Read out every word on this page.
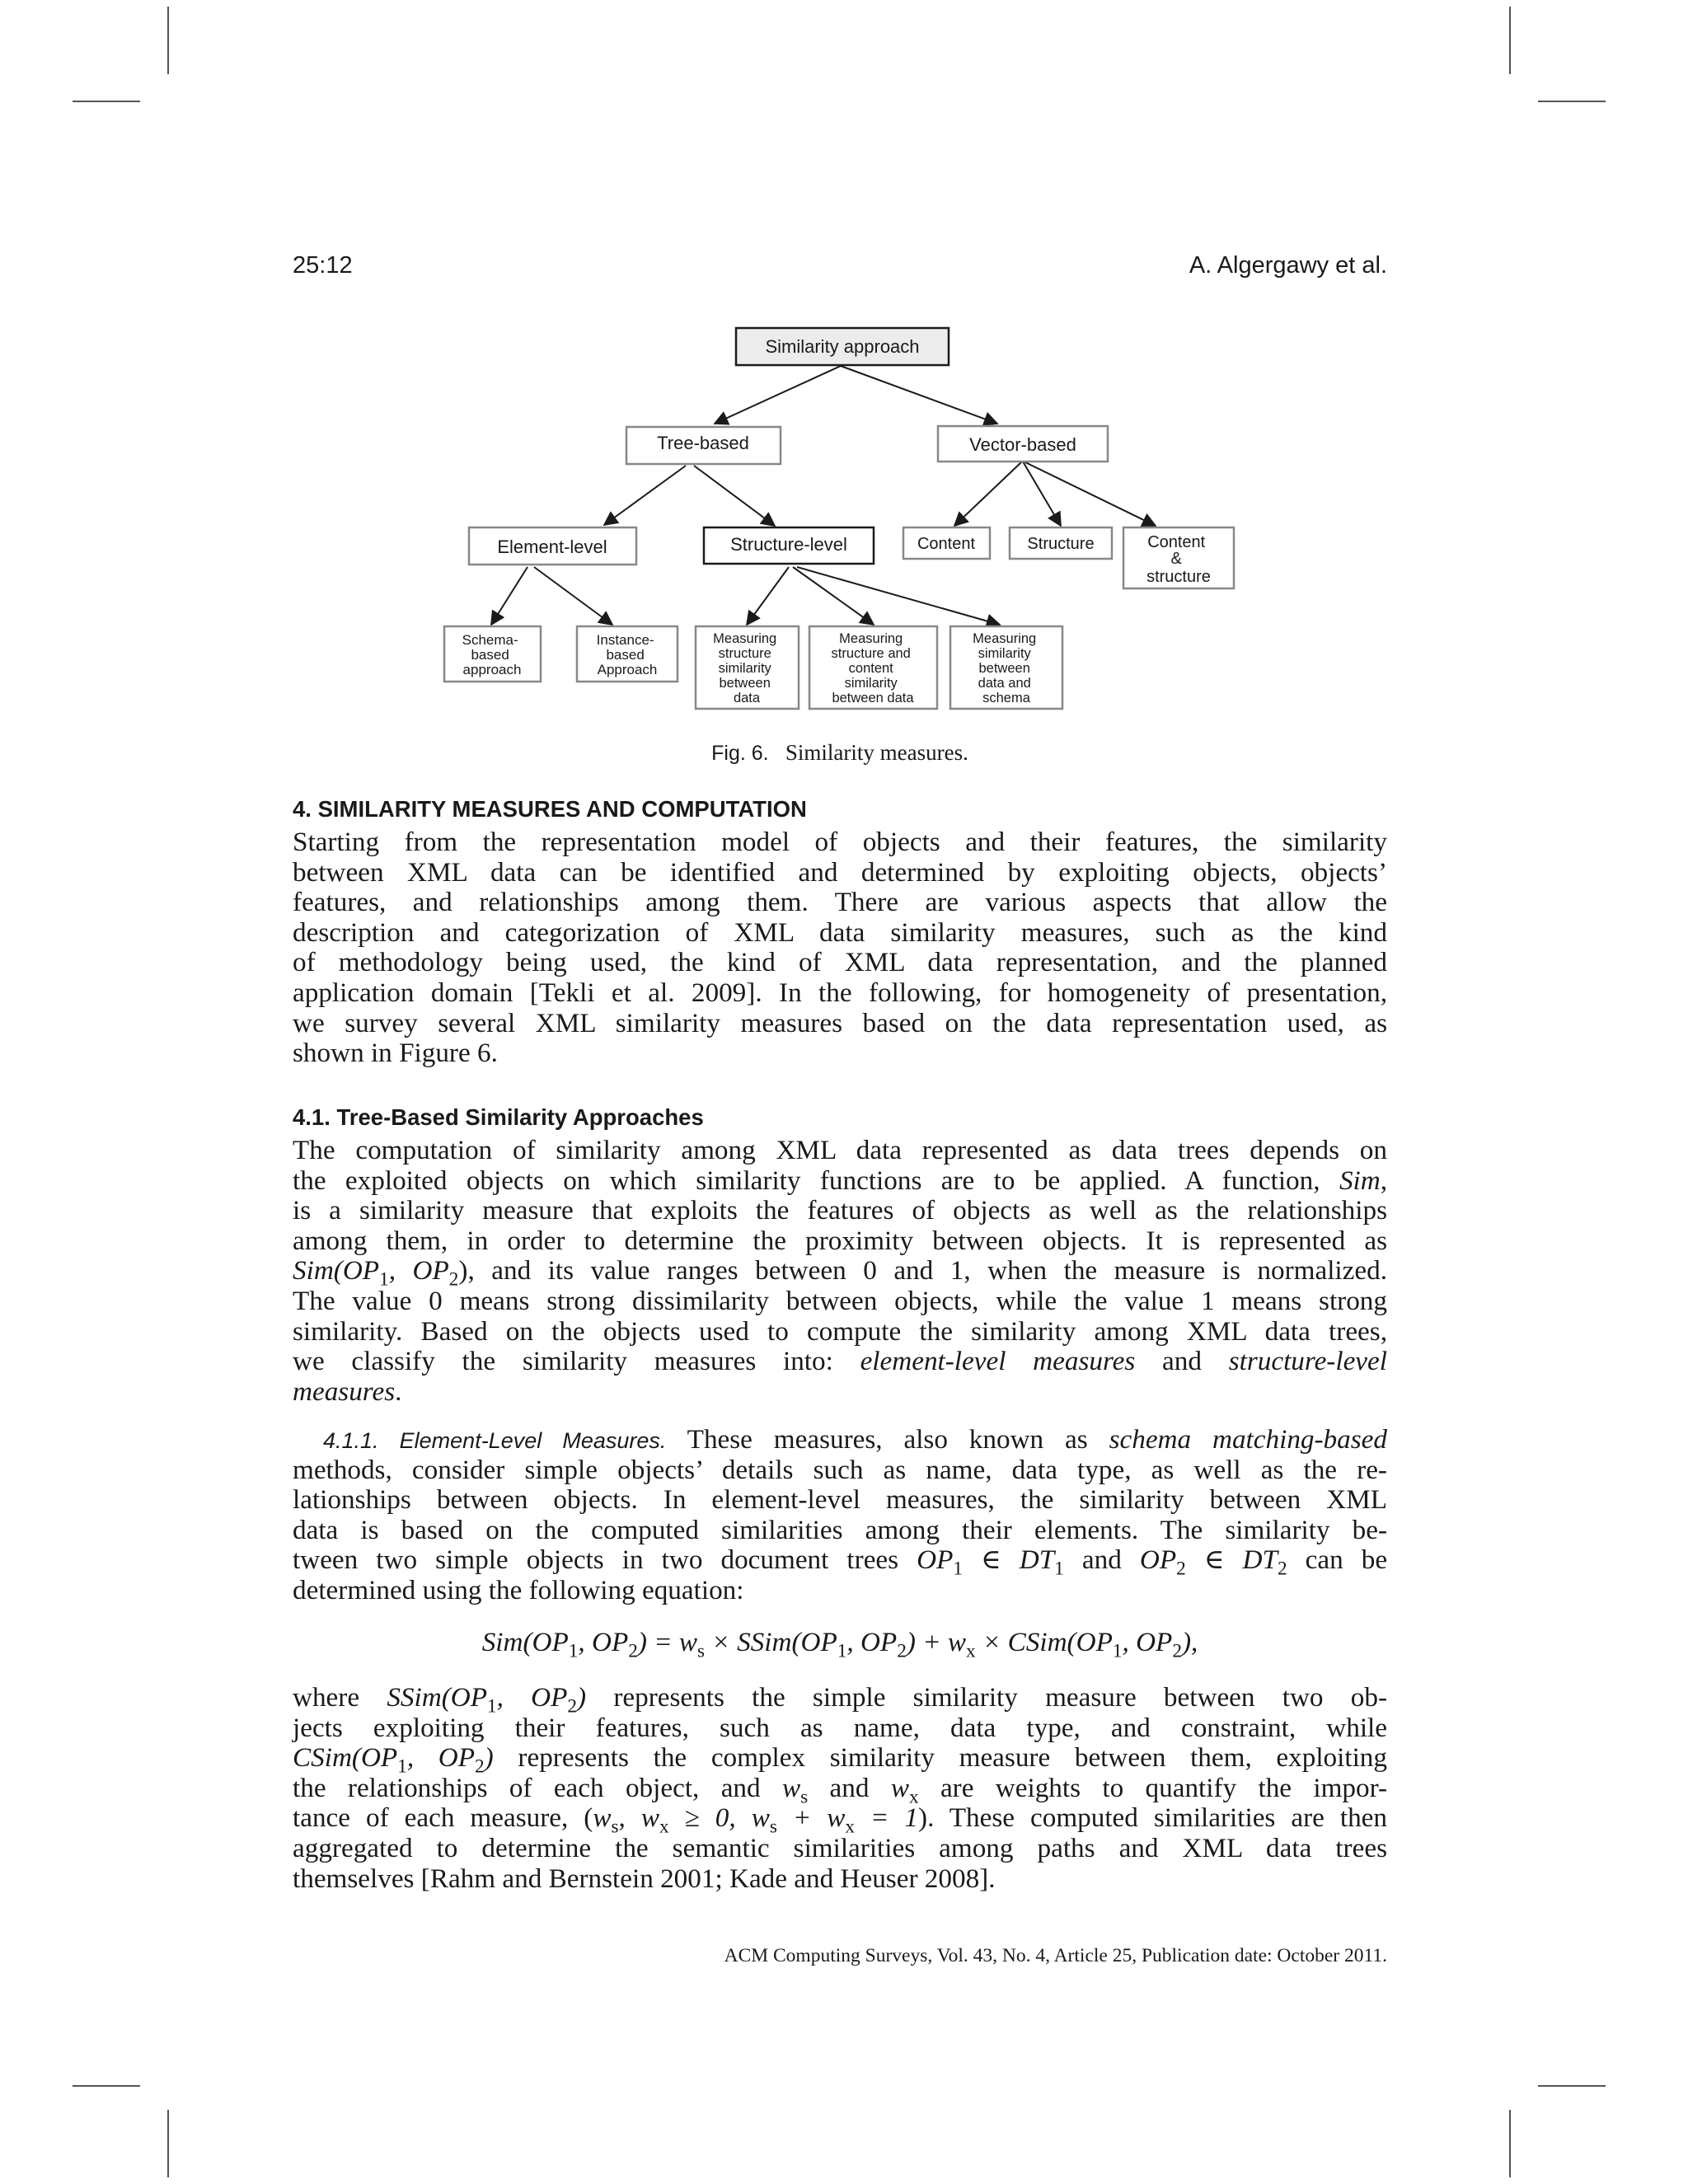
25:12	A. Algergawy et al.
Similarity approach
Tree-based	Vector-based
Element-level	Structure-level	Content	Structure	Content & structure
Schema- based approach
Instance- based Approach
Measuring structure similarity between data
Measuring structure and content similarity between data
Measuring similarity between data and schema
Fig. 6. Similarity measures.
4. SIMILARITY MEASURES AND COMPUTATION
Starting from the representation model of objects and their features, the similarity
between XML data can be identified and determined by exploiting objects, objects’
features, and relationships among them. There are various aspects that allow the
description and categorization of XML data similarity measures, such as the kind
of methodology being used, the kind of XML data representation, and the planned
application domain [Tekli et al. 2009]. In the following, for homogeneity of presentation,
we survey several XML similarity measures based on the data representation used, as
shown in Figure 6.
4.1. Tree-Based Similarity Approaches
The computation of similarity among XML data represented as data trees depends on
the exploited objects on which similarity functions are to be applied. A function, Sim,
is a similarity measure that exploits the features of objects as well as the relationships
among them, in order to determine the proximity between objects. It is represented as
$Sim(OP_1$, $OP_2$), and its value ranges between 0 and 1, when the measure is normalized.
The value 0 means strong dissimilarity between objects, while the value 1 means strong
similarity. Based on the objects used to compute the similarity among XML data trees,
we classify the similarity measures into: element-level measures and structure-level
measures.
4.1.1. Element-Level Measures. These measures, also known as schema matching-based
methods, consider simple objects’ details such as name, data type, as well as the re-
lationships between objects. In element-level measures, the similarity between XML
data is based on the computed similarities among their elements. The similarity be-
tween two simple objects in two document trees $OP_1$ ∈ $DT_1$ and $OP_2$ ∈ $DT_2$ can be
determined using the following equation:
$Sim(OP_1$, $OP_2) = w_s$ × $SSim(OP_1$, $OP_2) + w_x$ × $CSim(OP_1$, $OP_2$),
where $SSim(OP_1$, $OP_2$) represents the simple similarity measure between two ob-
jects exploiting their features, such as name, data type, and constraint, while
$CSim(OP_1$, $OP_2$) represents the complex similarity measure between them, exploiting
the relationships of each object, and $w_s$ and $w_x$ are weights to quantify the impor-
tance of each measure, ($w_s$, $w_x \ge 0$, $w_s + w_x = 1$). These computed similarities are then
aggregated to determine the semantic similarities among paths and XML data trees
themselves [Rahm and Bernstein 2001; Kade and Heuser 2008].
ACM Computing Surveys, Vol. 43, No. 4, Article 25, Publication date: October 2011.
